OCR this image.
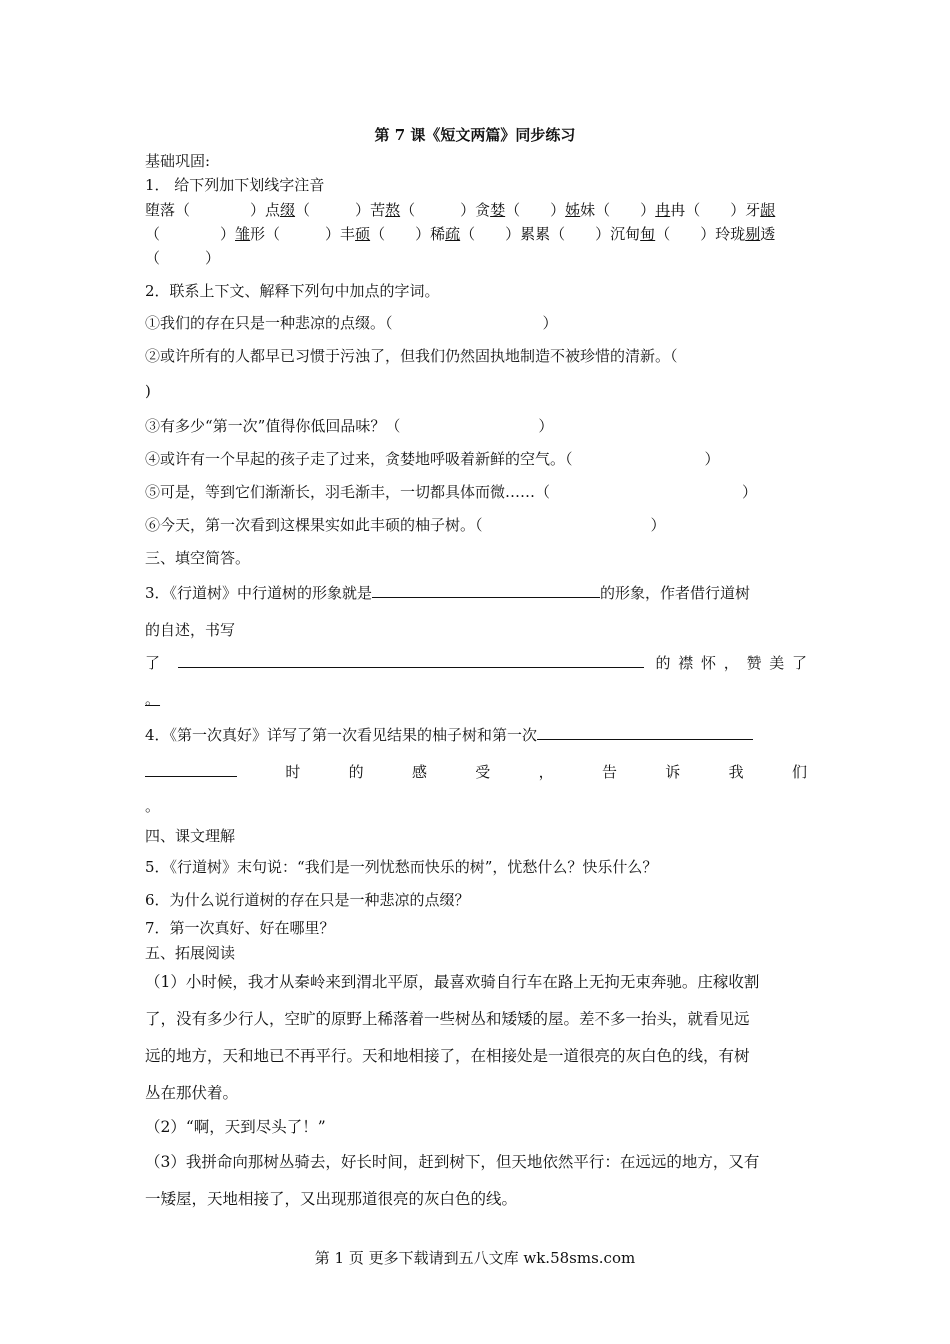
第 7 课《短文两篇》同步练习
基础巩固:
1． 给下列加下划线字注音
堕落（　　　　）点缀（　　　）苦熬（　　　）贪婪（　　）姊妹（　　）冉冉（　　）牙龈
（　　　　）雏形（　　　）丰硕（　　）稀疏（　　）累累（　　）沉甸甸（　　）玲珑剔透
（　　　）
2．联系上下文、解释下列句中加点的字词。
①我们的存在只是一种悲凉的点缀。（	）
②或许所有的人都早已习惯于污浊了，但我们仍然固执地制造不被珍惜的清新。（
)
③有多少“第一次”值得你低回品味？（	）
④或许有一个早起的孩子走了过来，贪婪地呼吸着新鲜的空气。（	）
⑤可是，等到它们渐渐长，羽毛渐丰，一切都具体而微……（	）
⑥今天，第一次看到这棵果实如此丰硕的柚子树。（	）
三、填空简答。
3．《行道树》中行道树的形象就是	的形象，作者借行道树
的自述，书写
了	的 襟 怀 ， 赞 美 了
。
4．《第一次真好》详写了第一次看见结果的柚子树和第一次
时	的	感	受	，	告	诉	我	们
。
四、课文理解
5．《行道树》末句说：“我们是一列忧愁而快乐的树”，忧愁什么？快乐什么？
6．为什么说行道树的存在只是一种悲凉的点缀？
7．第一次真好、好在哪里？
五、拓展阅读
（1）小时候，我才从秦岭来到渭北平原，最喜欢骑自行车在路上无拘无束奔驰。庄稼收割
了，没有多少行人，空旷的原野上稀落着一些树丛和矮矮的屋。差不多一抬头，就看见远
远的地方，天和地已不再平行。天和地相接了，在相接处是一道很亮的灰白色的线，有树
丛在那伏着。
（2）“啊，天到尽头了！”
（3）我拼命向那树丛骑去，好长时间，赶到树下，但天地依然平行：在远远的地方，又有
一矮屋，天地相接了，又出现那道很亮的灰白色的线。
第 1 页 更多下载请到五八文库 wk.58sms.com
